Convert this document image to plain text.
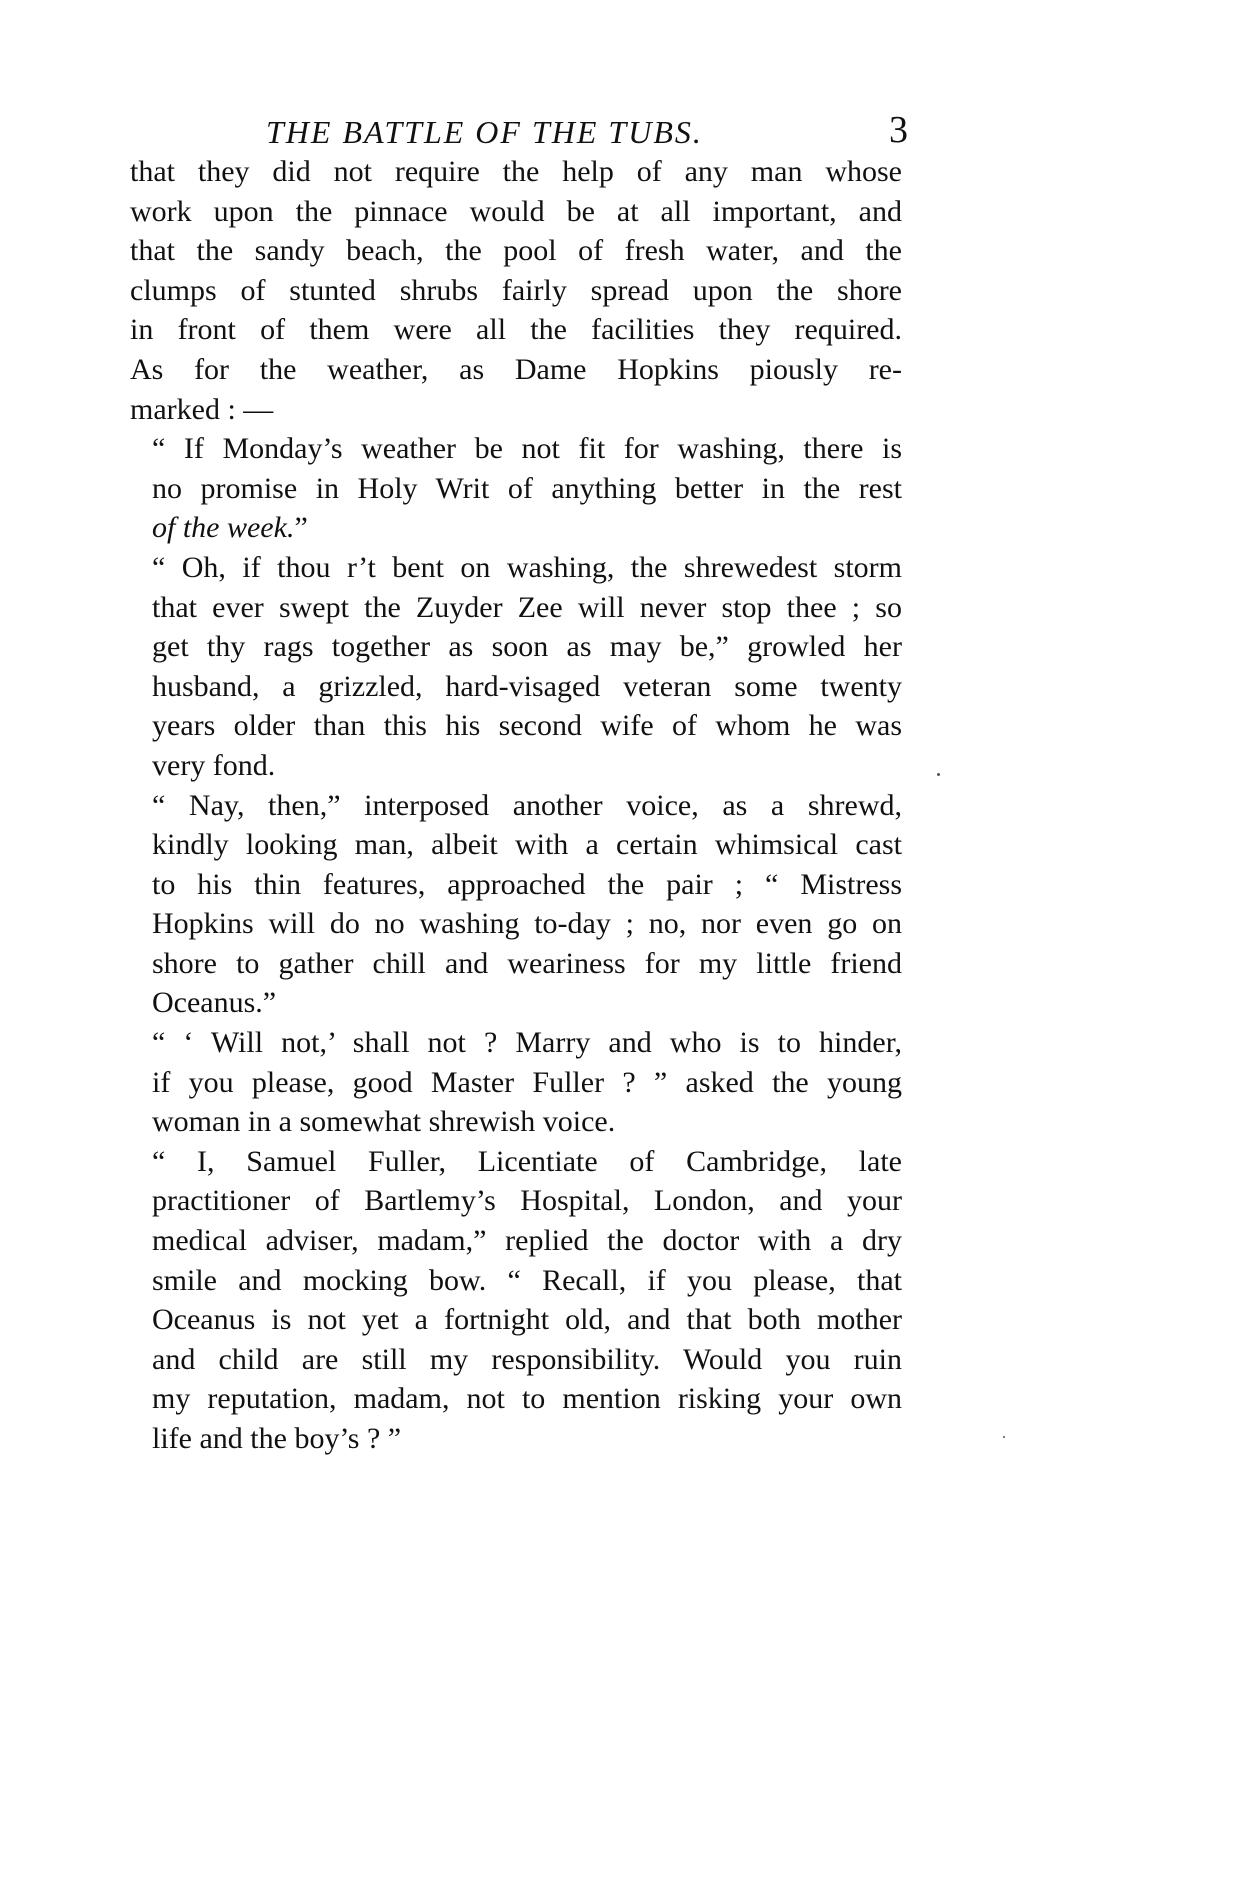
THE BATTLE OF THE TUBS.	3
that they did not require the help of any man whose
work upon the pinnace would be at all important, and
that the sandy beach, the pool of fresh water, and the
clumps of stunted shrubs fairly spread upon the shore
in front of them were all the facilities they required.
As for the weather, as Dame Hopkins piously re-
marked : —
“ If Monday’s weather be not fit for washing, there is
no promise in Holy Writ of anything better in the rest
of the week.”
“ Oh, if thou r’t bent on washing, the shrewedest storm
that ever swept the Zuyder Zee will never stop thee ; so
get thy rags together as soon as may be,” growled her
husband, a grizzled, hard-visaged veteran some twenty
years older than this his second wife of whom he was
very fond.
“ Nay, then,” interposed another voice, as a shrewd,
kindly looking man, albeit with a certain whimsical cast
to his thin features, approached the pair ; “ Mistress
Hopkins will do no washing to-day ; no, nor even go on
shore to gather chill and weariness for my little friend
Oceanus.”
“ ‘ Will not,’ shall not ? Marry and who is to hinder,
if you please, good Master Fuller ? ” asked the young
woman in a somewhat shrewish voice.
“ I, Samuel Fuller, Licentiate of Cambridge, late
practitioner of Bartlemy’s Hospital, London, and your
medical adviser, madam,” replied the doctor with a dry
smile and mocking bow. “ Recall, if you please, that
Oceanus is not yet a fortnight old, and that both mother
and child are still my responsibility. Would you ruin
my reputation, madam, not to mention risking your own
life and the boy’s ? ”
